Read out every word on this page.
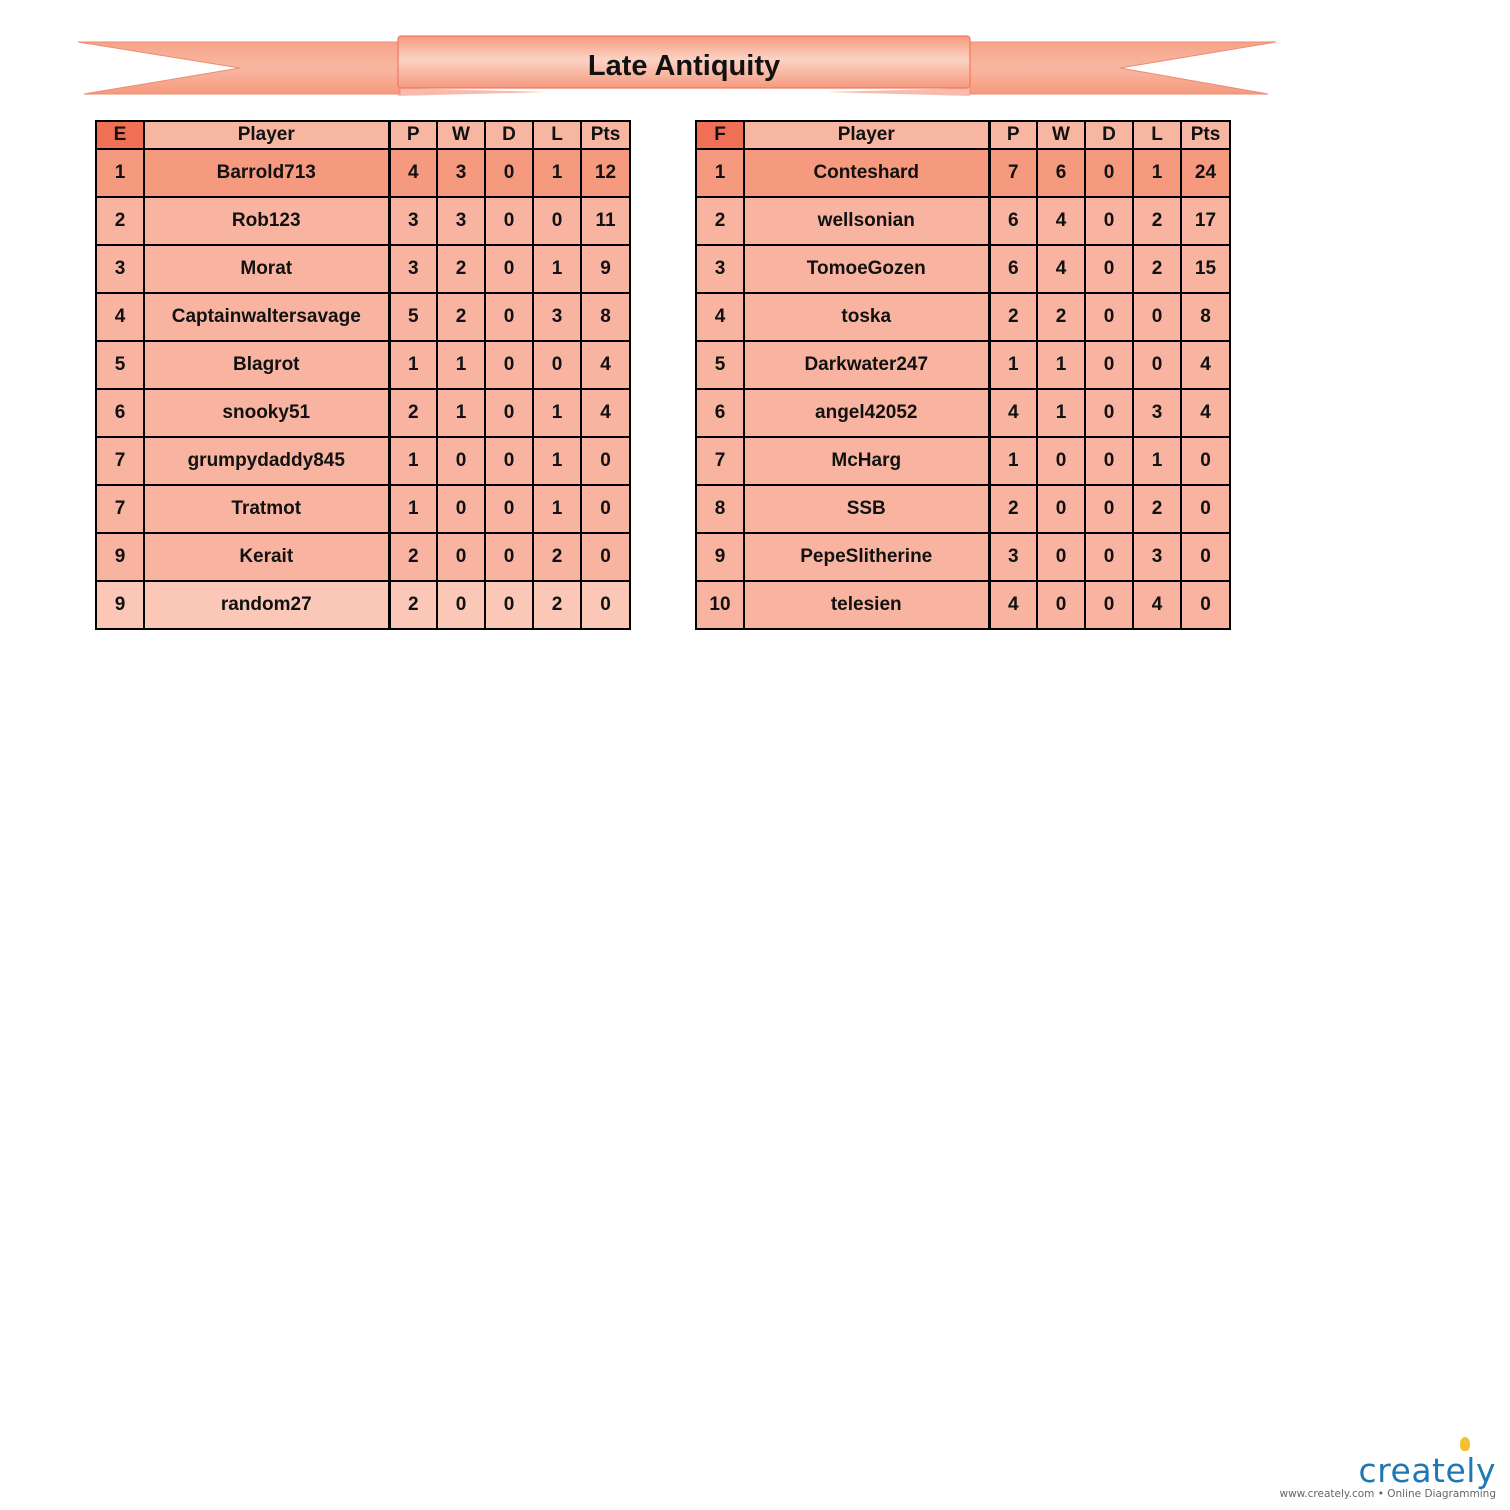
Late Antiquity
E	Player	P	W	D	L	Pts
1	Barrold713	4	3	0	1	12
2	Rob123	3	3	0	0	11
3	Morat	3	2	0	1	9
4	Captainwaltersavage	5	2	0	3	8
5	Blagrot	1	1	0	0	4
6	snooky51	2	1	0	1	4
7	grumpydaddy845	1	0	0	1	0
7	Tratmot	1	0	0	1	0
9	Kerait	2	0	0	2	0
9	random27	2	0	0	2	0
F	Player	P	W	D	L	Pts
1	Conteshard	7	6	0	1	24
2	wellsonian	6	4	0	2	17
3	TomoeGozen	6	4	0	2	15
4	toska	2	2	0	0	8
5	Darkwater247	1	1	0	0	4
6	angel42052	4	1	0	3	4
7	McHarg	1	0	0	1	0
8	SSB	2	0	0	2	0
9	PepeSlitherine	3	0	0	3	0
10	telesien	4	0	0	4	0
creately
www.creately.com • Online Diagramming
